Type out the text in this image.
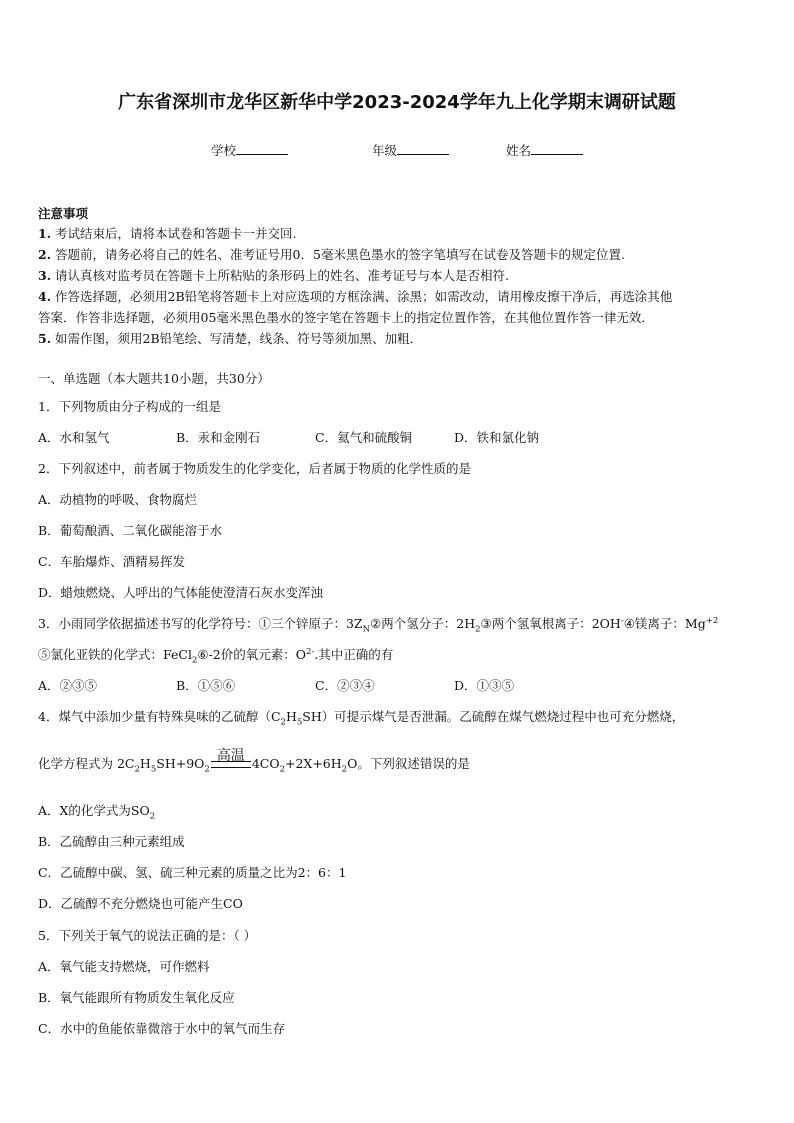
广东省深圳市龙华区新华中学2023-2024学年九上化学期末调研试题
学校	年级	姓名
注意事项
1. 考试结束后，请将本试卷和答题卡一并交回.
2. 答题前，请务必将自己的姓名、准考证号用0．5毫米黑色墨水的签字笔填写在试卷及答题卡的规定位置.
3. 请认真核对监考员在答题卡上所粘贴的条形码上的姓名、准考证号与本人是否相符.
4. 作答选择题，必须用2B铅笔将答题卡上对应选项的方框涂满、涂黑；如需改动，请用橡皮擦干净后，再选涂其他
答案．作答非选择题，必须用05毫米黑色墨水的签字笔在答题卡上的指定位置作答，在其他位置作答一律无效．
5. 如需作图，须用2B铅笔绘、写清楚，线条、符号等须加黑、加粗．
一、单选题（本大题共10小题，共30分）
1．下列物质由分子构成的一组是
A．水和氢气	B．汞和金刚石	C．氦气和硫酸铜	D．铁和氯化钠
2．下列叙述中，前者属于物质发生的化学变化，后者属于物质的化学性质的是
A．动植物的呼吸、食物腐烂
B．葡萄酿酒、二氧化碳能溶于水
C．车胎爆炸、酒精易挥发
D．蜡烛燃烧、人呼出的气体能使澄清石灰水变浑浊
3．小雨同学依据描述书写的化学符号：①三个锌原子：$3Z_N②$两个氢分子：$2H_2③$两个氢氧根离子：2OH-④镁离子：$Mg^{+2}$
⑤氯化亚铁的化学式：FeCl$_2$⑥-2价的氧元素：$O^{2-}$.其中正确的有
A．②③⑤	B．①⑤⑥	C．②③④	D．①③⑤
4．煤气中添加少量有特殊臭味的乙硫醇$(C_2H_5SH)$可提示煤气是否泄漏。乙硫醇在煤气燃烧过程中也可充分燃烧，
化学方程式为 $2C_2H_5SH+9O_2$
高温 $4CO_2+2X+6H_2O$。下列叙述错误的是
A．X的化学式为$SO_2$
B．乙硫醇由三种元素组成
C．乙硫醇中碳、氢、硫三种元素的质量之比为2：6：1
D．乙硫醇不充分燃烧也可能产生CO
5．下列关于氧气的说法正确的是：（ ）
A．氧气能支持燃烧，可作燃料
B．氧气能跟所有物质发生氧化反应
C．水中的鱼能依靠微溶于水中的氧气而生存
